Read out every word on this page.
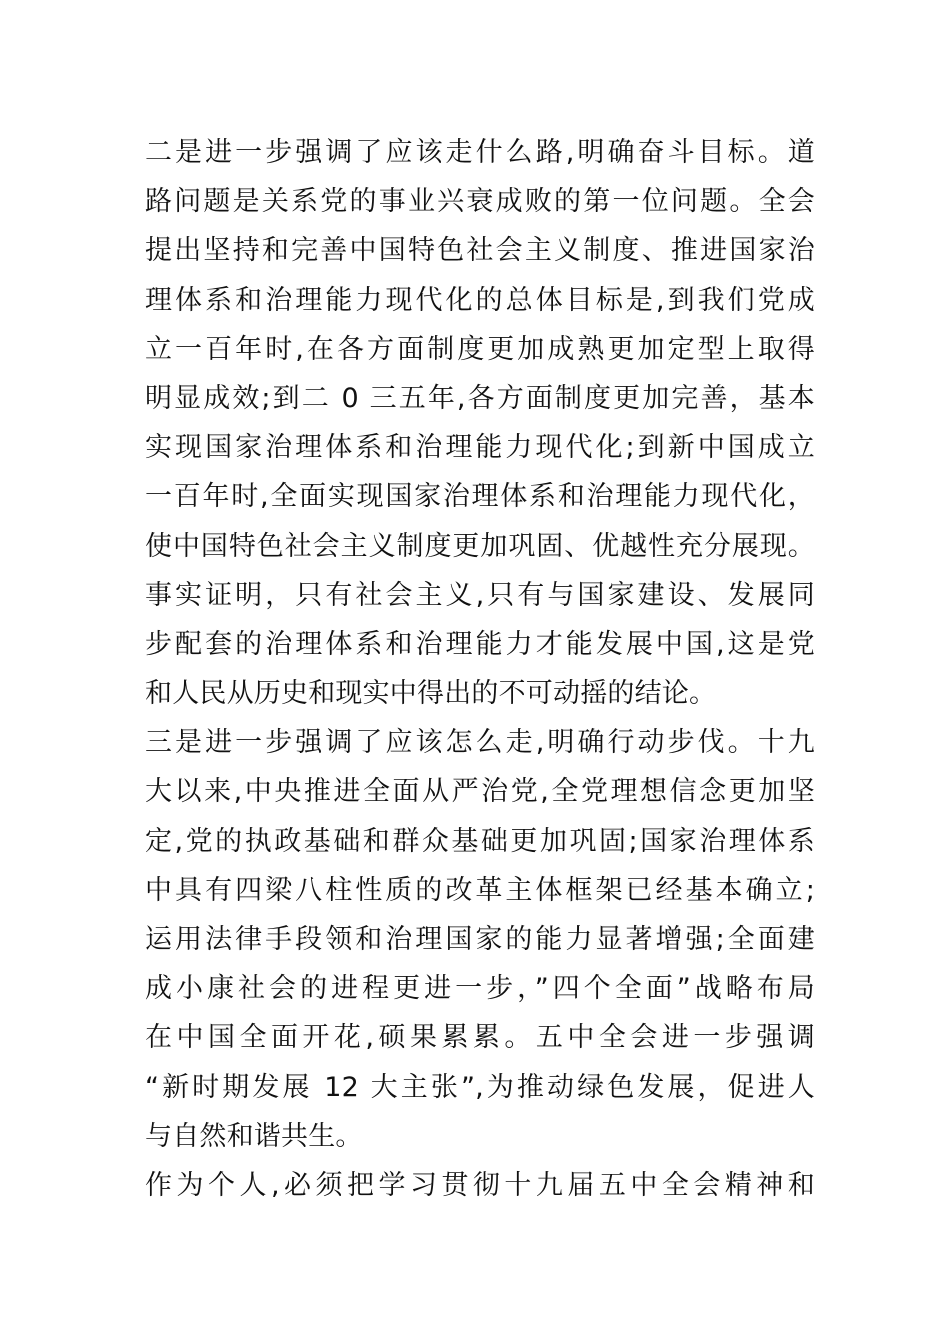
二是进一步强调了应该走什么路,明确奋斗目标。道
路问题是关系党的事业兴衰成败的第一位问题。全会
提出坚持和完善中国特色社会主义制度、推进国家治
理体系和治理能力现代化的总体目标是,到我们党成
立一百年时,在各方面制度更加成熟更加定型上取得
明显成效;到二 0 三五年,各方面制度更加完善，基本
实现国家治理体系和治理能力现代化;到新中国成立
一百年时,全面实现国家治理体系和治理能力现代化，
使中国特色社会主义制度更加巩固、优越性充分展现。
事实证明，只有社会主义,只有与国家建设、发展同
步配套的治理体系和治理能力才能发展中国,这是党
和人民从历史和现实中得出的不可动摇的结论。
三是进一步强调了应该怎么走,明确行动步伐。十九
大以来,中央推进全面从严治党,全党理想信念更加坚
定,党的执政基础和群众基础更加巩固;国家治理体系
中具有四梁八柱性质的改革主体框架已经基本确立;
运用法律手段领和治理国家的能力显著增强;全面建
成小康社会的进程更进一步，”四个全面”战略布局
在中国全面开花,硕果累累。五中全会进一步强调
“新时期发展 12 大主张”,为推动绿色发展，促进人
与自然和谐共生。
作为个人,必须把学习贯彻十九届五中全会精神和
